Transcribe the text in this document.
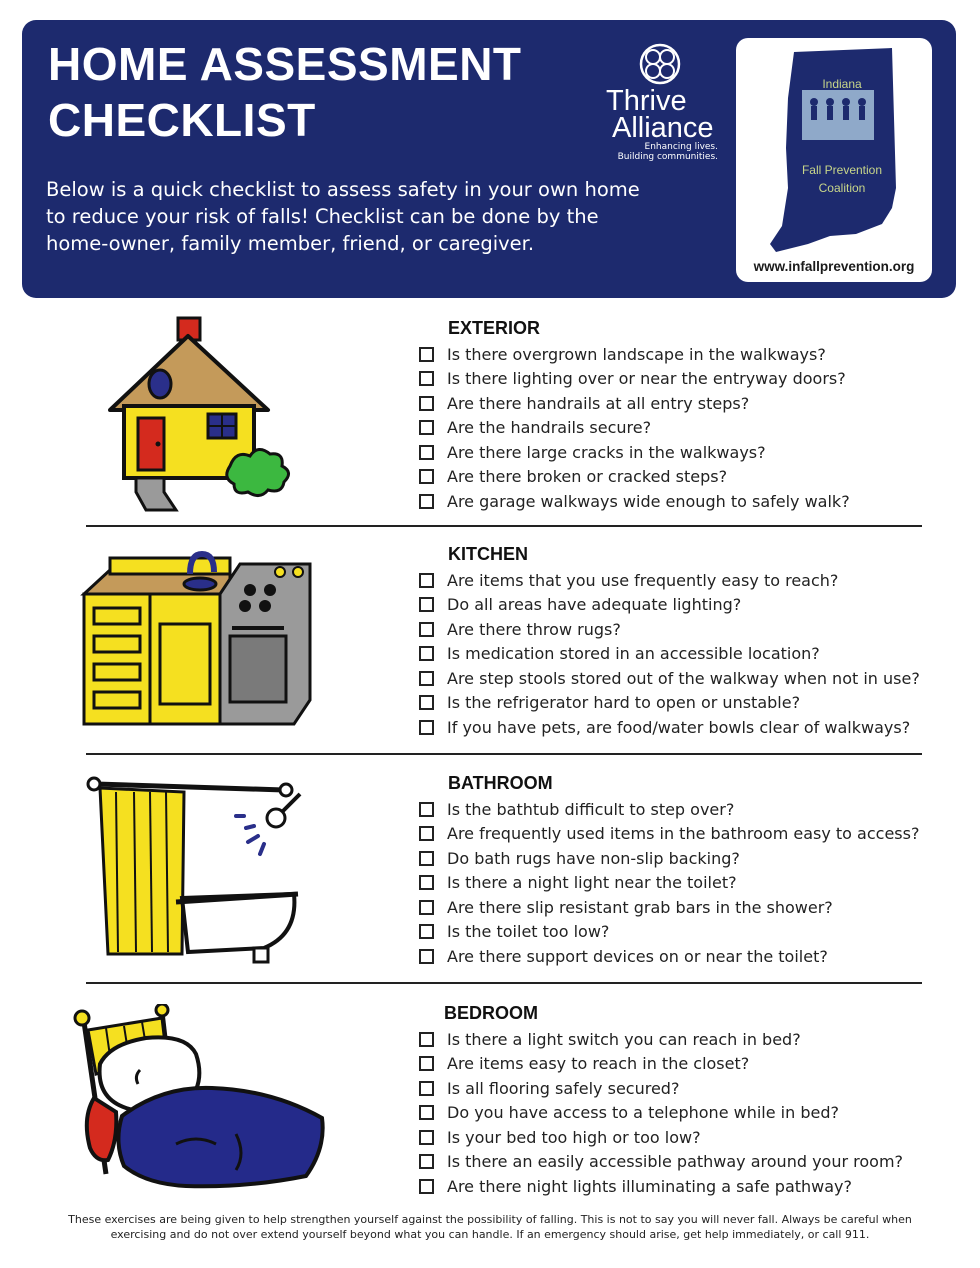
HOME ASSESSMENT
CHECKLIST

Below is a quick checklist to assess safety in your own home to reduce your risk of falls! Checklist can be done by the home-owner, family member, friend, or caregiver.

Thrive
Alliance
Enhancing lives.
Building communities.
Indiana
Fall Prevention
Coalition
www.infallprevention.org
EXTERIOR
Is there overgrown landscape in the walkways?
Is there lighting over or near the entryway doors?
Are there handrails at all entry steps?
Are the handrails secure?
Are there large cracks in the walkways?
Are there broken or cracked steps?
Are garage walkways wide enough to safely walk?
KITCHEN
Are items that you use frequently easy to reach?
Do all areas have adequate lighting?
Are there throw rugs?
Is medication stored in an accessible location?
Are step stools stored out of the walkway when not in use?
Is the refrigerator hard to open or unstable?
If you have pets, are food/water bowls clear of walkways?
BATHROOM
Is the bathtub difficult to step over?
Are frequently used items in the bathroom easy to access?
Do bath rugs have non-slip backing?
Is there a night light near the toilet?
Are there slip resistant grab bars in the shower?
Is the toilet too low?
Are there support devices on or near the toilet?
BEDROOM
Is there a light switch you can reach in bed?
Are items easy to reach in the closet?
Is all flooring safely secured?
Do you have access to a telephone while in bed?
Is your bed too high or too low?
Is there an easily accessible pathway around your room?
Are there night lights illuminating a safe pathway?

These exercises are being given to help strengthen yourself against the possibility of falling. This is not to say you will never fall. Always be careful when exercising and do not over extend yourself beyond what you can handle. If an emergency should arise, get help immediately, or call 911.
